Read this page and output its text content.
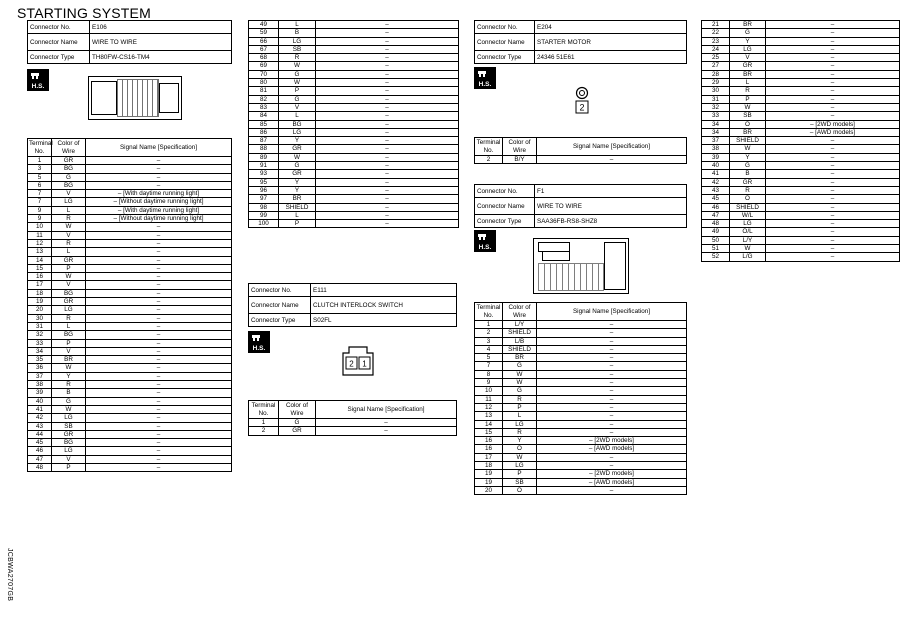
STARTING SYSTEM
JCBWA2707GB
Connector No.	E106
Connector Name	WIRE TO WIRE
Connector Type	TH80FW-CS16-TM4
H.S.
Terminal No.	Color of Wire	Signal Name [Specification]
1	GR	–
3	BG	–
5	G	–
6	BG	–
7	V	– [With daytime running light]
7	LG	– [Without daytime running light]
9	L	– [With daytime running light]
9	R	– [Without daytime running light]
10	W	–
11	V	–
12	R	–
13	L	–
14	GR	–
15	P	–
16	W	–
17	V	–
18	BG	–
19	GR	–
20	LG	–
30	R	–
31	L	–
32	BG	–
33	P	–
34	V	–
35	BR	–
36	W	–
37	Y	–
38	R	–
39	B	–
40	G	–
41	W	–
42	LG	–
43	SB	–
44	GR	–
45	BG	–
46	LG	–
47	V	–
48	P	–
49	L	–
59	B	–
66	LG	–
67	SB	–
68	R	–
69	W	–
70	G	–
80	W	–
81	P	–
82	G	–
83	V	–
84	L	–
85	BG	–
86	LG	–
87	Y	–
88	GR	–
89	W	–
91	G	–
93	GR	–
95	Y	–
96	Y	–
97	BR	–
98	SHIELD	–
99	L	–
100	P	–
Connector No.	E111
Connector Name	CLUTCH INTERLOCK SWITCH
Connector Type	S02FL
H.S.
2 1
Terminal No.	Color of Wire	Signal Name [Specification]
1	G	–
2	GR	–
Connector No.	E204
Connector Name	STARTER MOTOR
Connector Type	24346 51E61
H.S.
2
Terminal No.	Color of Wire	Signal Name [Specification]
2	B/Y	–
Connector No.	F1
Connector Name	WIRE TO WIRE
Connector Type	SAA36FB-RS8-SHZ8
H.S.
Terminal No.	Color of Wire	Signal Name [Specification]
1	L/Y	–
2	SHIELD	–
3	L/B	–
4	SHIELD	–
5	BR	–
7	G	–
8	W	–
9	W	–
10	G	–
11	R	–
12	P	–
13	L	–
14	LG	–
15	R	–
16	Y	– [2WD models]
16	O	– [AWD models]
17	W	–
18	LG	–
19	P	– [2WD models]
19	SB	– [AWD models]
20	O	–
21	BR	–
22	G	–
23	Y	–
24	LG	–
25	V	–
27	GR	–
28	BR	–
29	L	–
30	R	–
31	P	–
32	W	–
33	SB	–
34	O	– [2WD models]
34	BR	– [AWD models]
37	SHIELD	–
38	W	–
39	Y	–
40	G	–
41	B	–
42	GR	–
43	R	–
45	O	–
46	SHIELD	–
47	W/L	–
48	LG	–
49	O/L	–
50	L/Y	–
51	W	–
52	L/G	–
